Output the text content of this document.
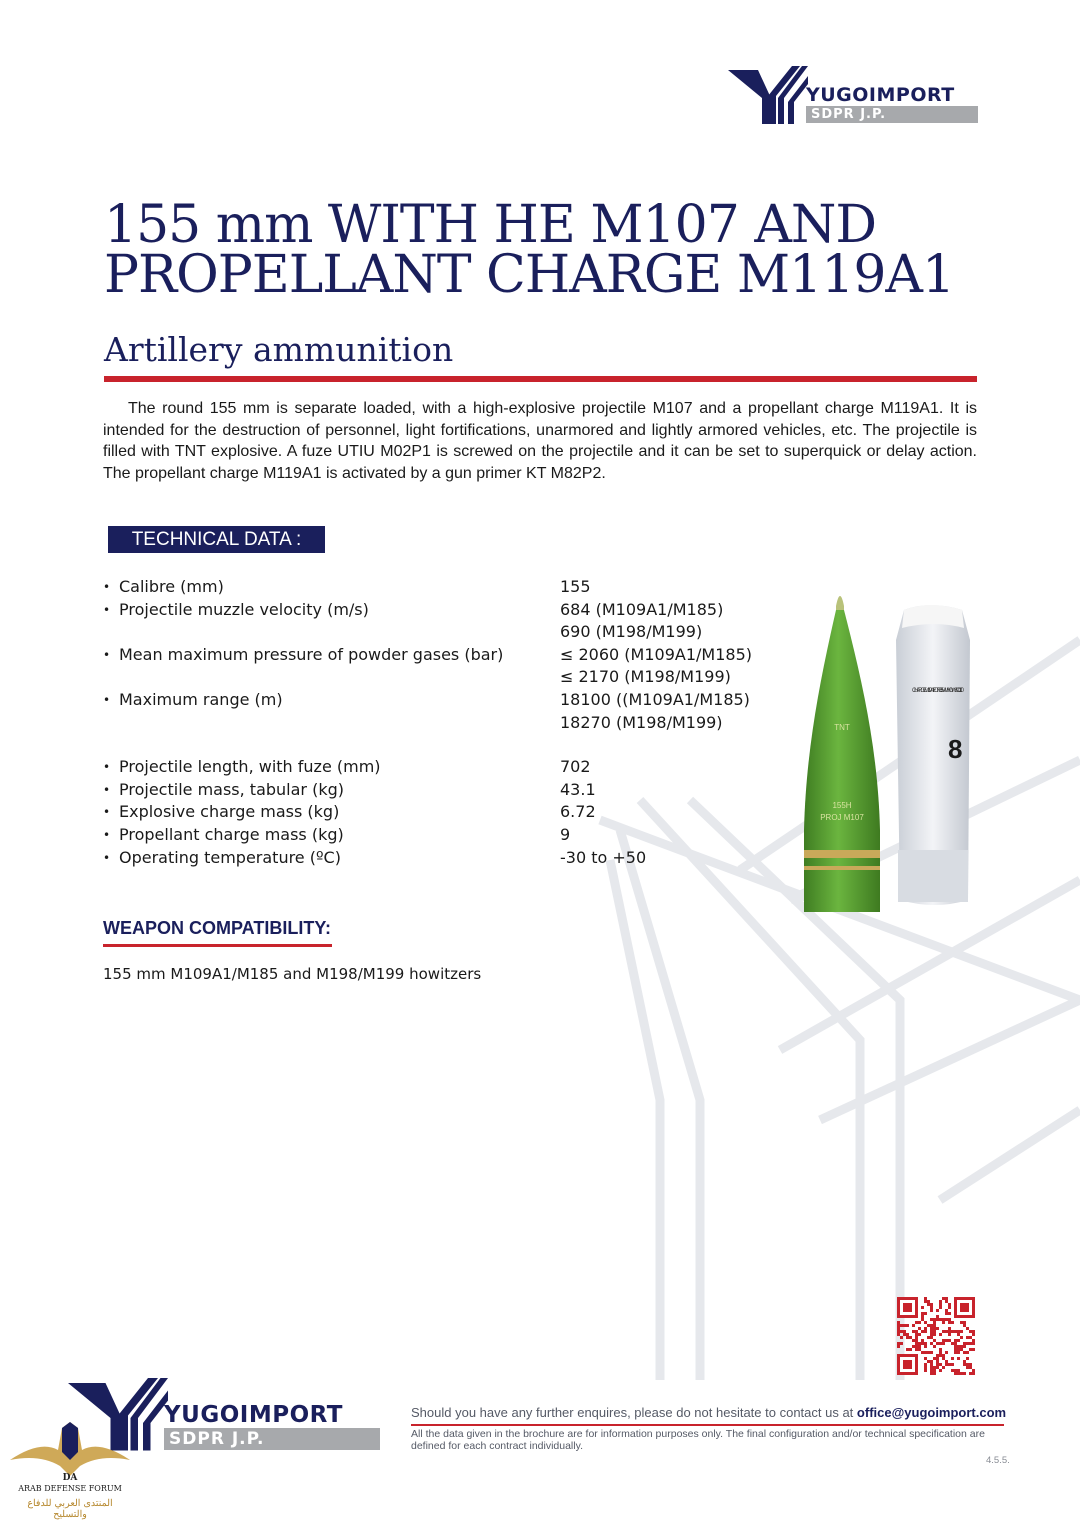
YUGOIMPORT
SDPR J.P.
155 mm WITH HE M107 AND
PROPELLANT CHARGE M119A1
Artillery ammunition
The round 155 mm is separate loaded, with a high-explosive projectile M107 and a propellant charge M119A1. It is intended for the destruction of personnel, light fortifications, unarmored and lightly armored vehicles, etc. The projectile is filled with TNT explosive. A fuze UTIU M02P1 is screwed on the projectile and it can be set to superquick or delay action. The propellant charge M119A1 is activated by a gun primer KT M82P2.
TECHNICAL DATA :
• Calibre (mm)	155
• Projectile muzzle velocity (m/s)	684 (M109A1/M185)
690 (M198/M199)
• Mean maximum pressure of powder gases (bar)	≤ 2060 (M109A1/M185)
≤ 2170 (M198/M199)
• Maximum range (m)	18100 ((M109A1/M185)
18270 (M198/M199)
• Projectile length, with fuze (mm)	702
• Projectile mass, tabular (kg)	43.1
• Explosive charge mass (kg)	6.72
• Propellant charge mass (kg)	9
• Operating temperature (ºC)	-30 to +50
WEAPON COMPATIBILITY:
155 mm M109A1/M185 and M198/M199 howitzers
TNT
155H
PROJ M107
CHARGE M119A1 FOR 155 MM HOW SC 01/10
8
YUGOIMPORT
SDPR J.P.
Should you have any further enquires, please do not hesitate to contact us at office@yugoimport.com
All the data given in the brochure are for information purposes only. The final configuration and/or technical specification are defined for each contract individually.
4.5.5.
DA
ARAB DEFENSE FORUM
المنتدى العربي للدفاع والتسليح
